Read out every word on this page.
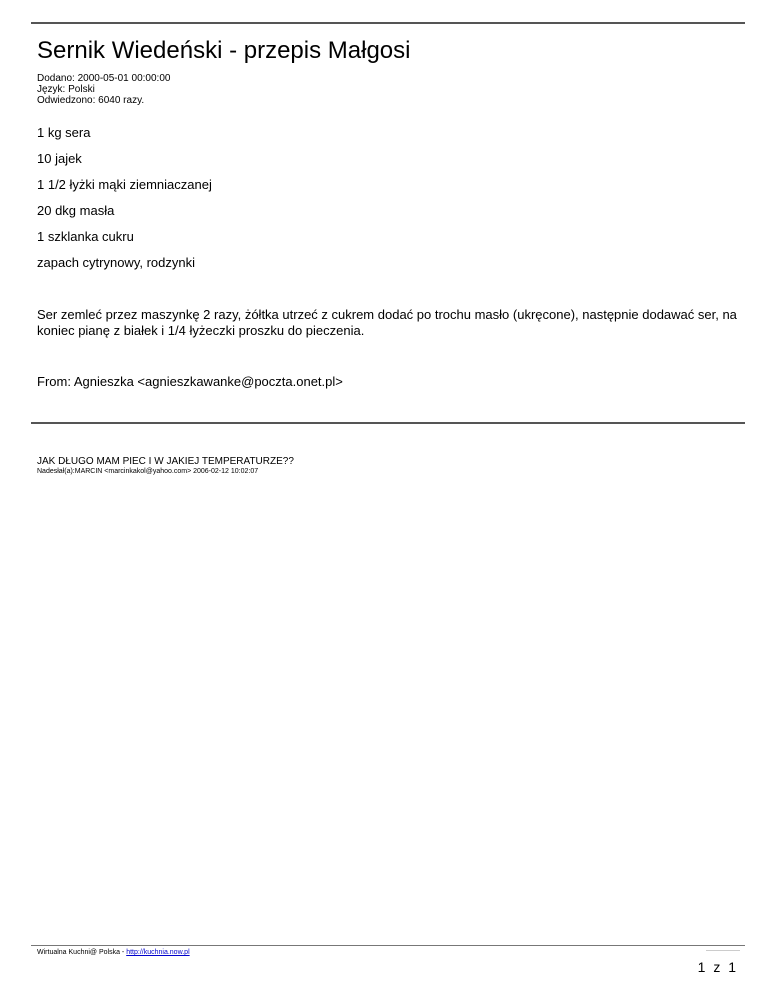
Sernik Wiedeński - przepis Małgosi
Dodano: 2000-05-01 00:00:00
Język: Polski
Odwiedzono: 6040 razy.
1 kg sera
10 jajek
1 1/2 łyżki mąki ziemniaczanej
20 dkg masła
1 szklanka cukru
zapach cytrynowy, rodzynki
Ser zemleć przez maszynkę 2 razy, żółtka utrzeć z cukrem dodać po trochu masło (ukręcone), następnie dodawać ser, na koniec pianę z białek i 1/4 łyżeczki proszku do pieczenia.
From: Agnieszka <agnieszkawanke@poczta.onet.pl>
JAK DŁUGO MAM PIEC I W JAKIEJ TEMPERATURZE??
Nadesłał(a):MARCIN <marcinkakol@yahoo.com> 2006-02-12 10:02:07
Wirtualna Kuchni@ Polska - http://kuchnia.now.pl
1 z 1
